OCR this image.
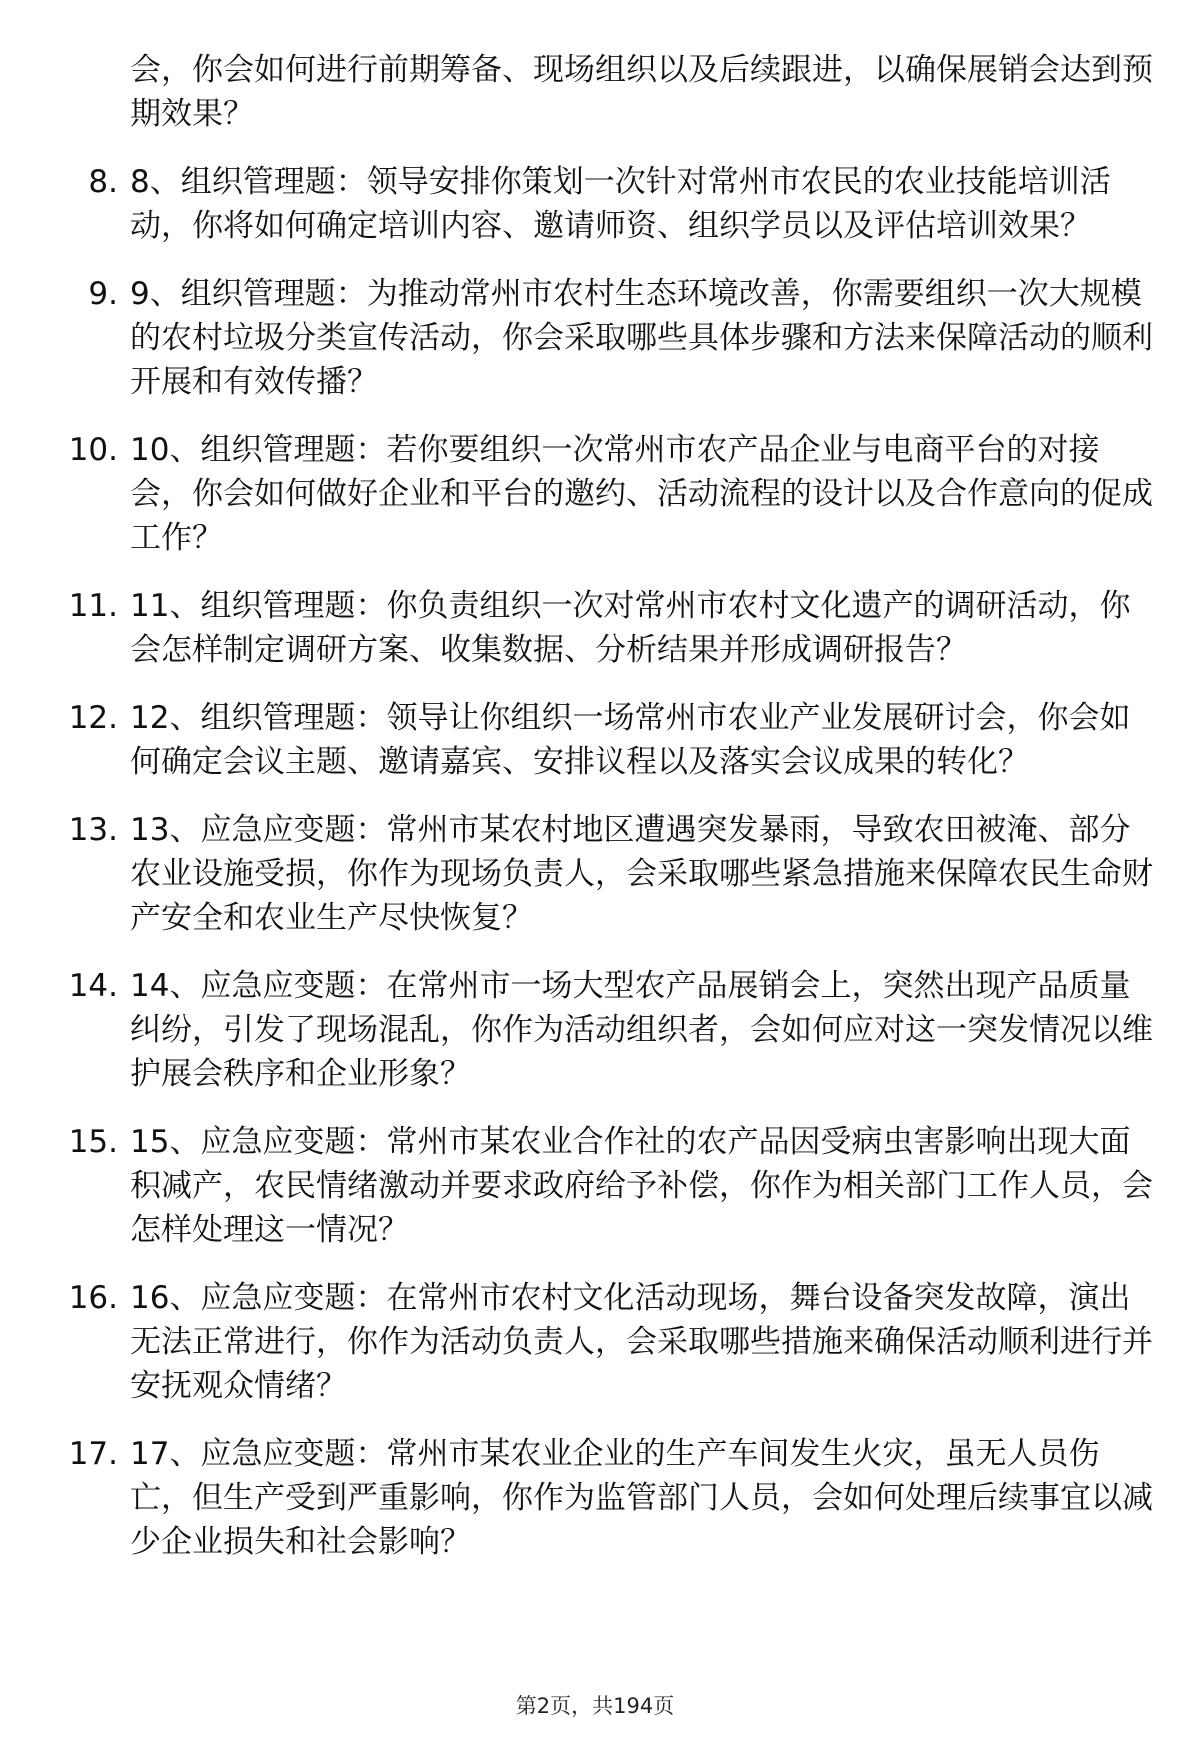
会，你会如何进行前期筹备、现场组织以及后续跟进，以确保展销会达到预期效果？
8. 8、组织管理题：领导安排你策划一次针对常州市农民的农业技能培训活动，你将如何确定培训内容、邀请师资、组织学员以及评估培训效果？
9. 9、组织管理题：为推动常州市农村生态环境改善，你需要组织一次大规模的农村垃圾分类宣传活动，你会采取哪些具体步骤和方法来保障活动的顺利开展和有效传播？
10. 10、组织管理题：若你要组织一次常州市农产品企业与电商平台的对接会，你会如何做好企业和平台的邀约、活动流程的设计以及合作意向的促成工作？
11. 11、组织管理题：你负责组织一次对常州市农村文化遗产的调研活动，你会怎样制定调研方案、收集数据、分析结果并形成调研报告？
12. 12、组织管理题：领导让你组织一场常州市农业产业发展研讨会，你会如何确定会议主题、邀请嘉宾、安排议程以及落实会议成果的转化？
13. 13、应急应变题：常州市某农村地区遭遇突发暴雨，导致农田被淹、部分农业设施受损，你作为现场负责人，会采取哪些紧急措施来保障农民生命财产安全和农业生产尽快恢复？
14. 14、应急应变题：在常州市一场大型农产品展销会上，突然出现产品质量纠纷，引发了现场混乱，你作为活动组织者，会如何应对这一突发情况以维护展会秩序和企业形象？
15. 15、应急应变题：常州市某农业合作社的农产品因受病虫害影响出现大面积减产，农民情绪激动并要求政府给予补偿，你作为相关部门工作人员，会怎样处理这一情况？
16. 16、应急应变题：在常州市农村文化活动现场，舞台设备突发故障，演出无法正常进行，你作为活动负责人，会采取哪些措施来确保活动顺利进行并安抚观众情绪？
17. 17、应急应变题：常州市某农业企业的生产车间发生火灾，虽无人员伤亡，但生产受到严重影响，你作为监管部门人员，会如何处理后续事宜以减少企业损失和社会影响？
第2页，共194页
